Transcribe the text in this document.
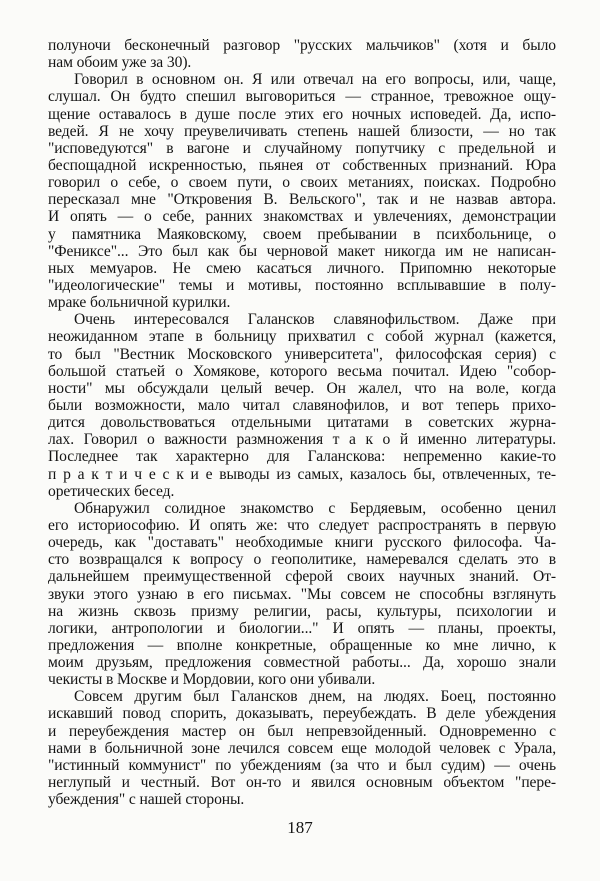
полуночи бесконечный разговор "русских мальчиков" (хотя и было
нам обоим уже за 30).
Говорил в основном он. Я или отвечал на его вопросы, или, чаще,
слушал. Он будто спешил выговориться — странное, тревожное ощу-
щение оставалось в душе после этих его ночных исповедей. Да, испо-
ведей. Я не хочу преувеличивать степень нашей близости, — но так
"исповедуются" в вагоне и случайному попутчику с предельной и
беспощадной искренностью, пьянея от собственных признаний. Юра
говорил о себе, о своем пути, о своих метаниях, поисках. Подробно
пересказал мне "Откровения В. Вельского", так и не назвав автора.
И опять — о себе, ранних знакомствах и увлечениях, демонстрации
у памятника Маяковскому, своем пребывании в психбольнице, о
"Фениксе"... Это был как бы черновой макет никогда им не написан-
ных мемуаров. Не смею касаться личного. Припомню некоторые
"идеологические" темы и мотивы, постоянно всплывавшие в полу-
мраке больничной курилки.
Очень интересовался Галансков славянофильством. Даже при
неожиданном этапе в больницу прихватил с собой журнал (кажется,
то был "Вестник Московского университета", философская серия) с
большой статьей о Хомякове, которого весьма почитал. Идею "собор-
ности" мы обсуждали целый вечер. Он жалел, что на воле, когда
были возможности, мало читал славянофилов, и вот теперь прихо-
дится довольствоваться отдельными цитатами в советских журна-
лах. Говорил о важности размножения т а к о й именно литературы.
Последнее так характерно для Галанскова: непременно какие-то
п р а к т и ч е с к и е выводы из самых, казалось бы, отвлеченных, те-
оретических бесед.
Обнаружил солидное знакомство с Бердяевым, особенно ценил
его историософию. И опять же: что следует распространять в первую
очередь, как "доставать" необходимые книги русского философа. Ча-
сто возвращался к вопросу о геополитике, намеревался сделать это в
дальнейшем преимущественной сферой своих научных знаний. От-
звуки этого узнаю в его письмах. "Мы совсем не способны взглянуть
на жизнь сквозь призму религии, расы, культуры, психологии и
логики, антропологии и биологии..." И опять — планы, проекты,
предложения — вполне конкретные, обращенные ко мне лично, к
моим друзьям, предложения совместной работы... Да, хорошо знали
чекисты в Москве и Мордовии, кого они убивали.
Совсем другим был Галансков днем, на людях. Боец, постоянно
искавший повод спорить, доказывать, переубеждать. В деле убеждения
и переубеждения мастер он был непревзойденный. Одновременно с
нами в больничной зоне лечился совсем еще молодой человек с Урала,
"истинный коммунист" по убеждениям (за что и был судим) — очень
неглупый и честный. Вот он-то и явился основным объектом "пере-
убеждения" с нашей стороны.
187
